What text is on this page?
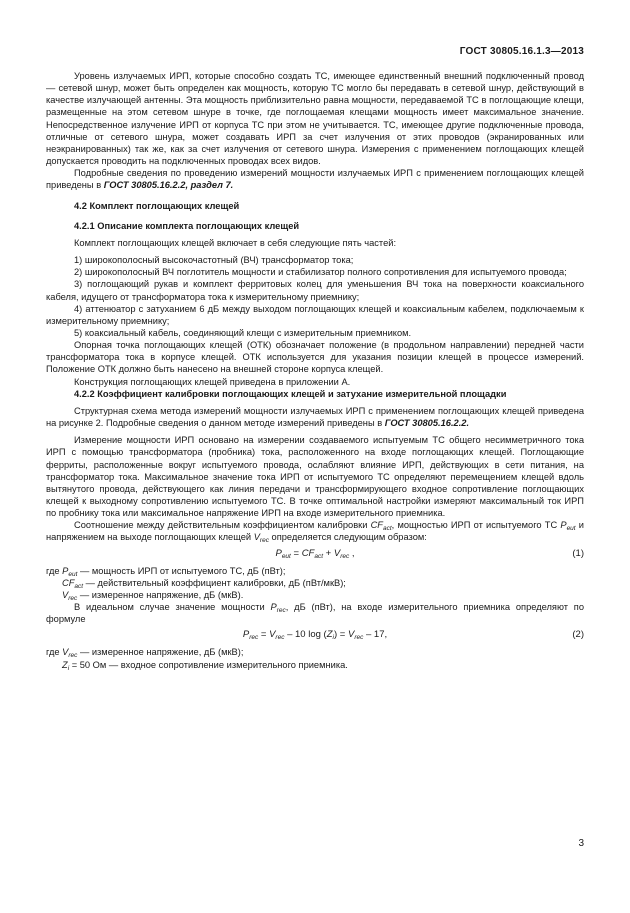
ГОСТ 30805.16.1.3—2013

Уровень излучаемых ИРП, которые способно создать ТС, имеющее единственный внешний подключенный провод — сетевой шнур, может быть определен как мощность, которую ТС могло бы передавать в сетевой шнур, действующий в качестве излучающей антенны. Эта мощность приблизительно равна мощности, передаваемой ТС в поглощающие клещи, размещенные на этом сетевом шнуре в точке, где поглощаемая клещами мощность имеет максимальное значение. Непосредственное излучение ИРП от корпуса ТС при этом не учитывается. ТС, имеющее другие подключенные провода, отличные от сетевого шнура, может создавать ИРП за счет излучения от этих проводов (экранированных или неэкранированных) так же, как за счет излучения от сетевого шнура. Измерения с применением поглощающих клещей допускается проводить на подключенных проводах всех видов.

Подробные сведения по проведению измерений мощности излучаемых ИРП с применением поглощающих клещей приведены в ГОСТ 30805.16.2.2, раздел 7.

4.2 Комплект поглощающих клещей

4.2.1 Описание комплекта поглощающих клещей

Комплект поглощающих клещей включает в себя следующие пять частей:

1) широкополосный высокочастотный (ВЧ) трансформатор тока;

2) широкополосный ВЧ поглотитель мощности и стабилизатор полного сопротивления для испытуемого провода;

3) поглощающий рукав и комплект ферритовых колец для уменьшения ВЧ тока на поверхности коаксиального кабеля, идущего от трансформатора тока к измерительному приемнику;

4) аттенюатор с затуханием 6 дБ между выходом поглощающих клещей и коаксиальным кабелем, подключаемым к измерительному приемнику;

5) коаксиальный кабель, соединяющий клещи с измерительным приемником.

Опорная точка поглощающих клещей (ОТК) обозначает положение (в продольном направлении) передней части трансформатора тока в корпусе клещей. ОТК используется для указания позиции клещей в процессе измерений. Положение ОТК должно быть нанесено на внешней стороне корпуса клещей.

Конструкция поглощающих клещей приведена в приложении А.

4.2.2 Коэффициент калибровки поглощающих клещей и затухание измерительной площадки

Структурная схема метода измерений мощности излучаемых ИРП с применением поглощающих клещей приведена на рисунке 2. Подробные сведения о данном методе измерений приведены в ГОСТ 30805.16.2.2.

Измерение мощности ИРП основано на измерении создаваемого испытуемым ТС общего несимметричного тока ИРП с помощью трансформатора (пробника) тока, расположенного на входе поглощающих клещей. Поглощающие ферриты, расположенные вокруг испытуемого провода, ослабляют влияние ИРП, действующих в сети питания, на трансформатор тока. Максимальное значение тока ИРП от испытуемого ТС определяют перемещением клещей вдоль вытянутого провода, действующего как линия передачи и трансформирующего входное сопротивление поглощающих клещей к выходному сопротивлению испытуемого ТС. В точке оптимальной настройки измеряют максимальный ток ИРП по пробнику тока или максимальное напряжение ИРП на входе измерительного приемника.

Соотношение между действительным коэффициентом калибровки $CF_{act}$, мощностью ИРП от испытуемого ТС $P_{eut}$ и напряжением на выходе поглощающих клещей $V_{rec}$ определяется следующим образом:

$P_{eut} = CF_{act} + V_{rec}$ ,	(1)

где $P_{eut}$ — мощность ИРП от испытуемого ТС, дБ (пВт);

$CF_{act}$ — действительный коэффициент калибровки, дБ (пВт/мкВ);

$V_{rec}$ — измеренное напряжение, дБ (мкВ).

В идеальном случае значение мощности $P_{rec}$, дБ (пВт), на входе измерительного приемника определяют по формуле

$P_{rec} = V_{rec} - 10$ $\log (Z_i) = V_{rec} - 17$,	(2)

где $V_{rec}$ — измеренное напряжение, дБ (мкВ);

$Z_i = 50$ Ом — входное сопротивление измерительного приемника.

3
